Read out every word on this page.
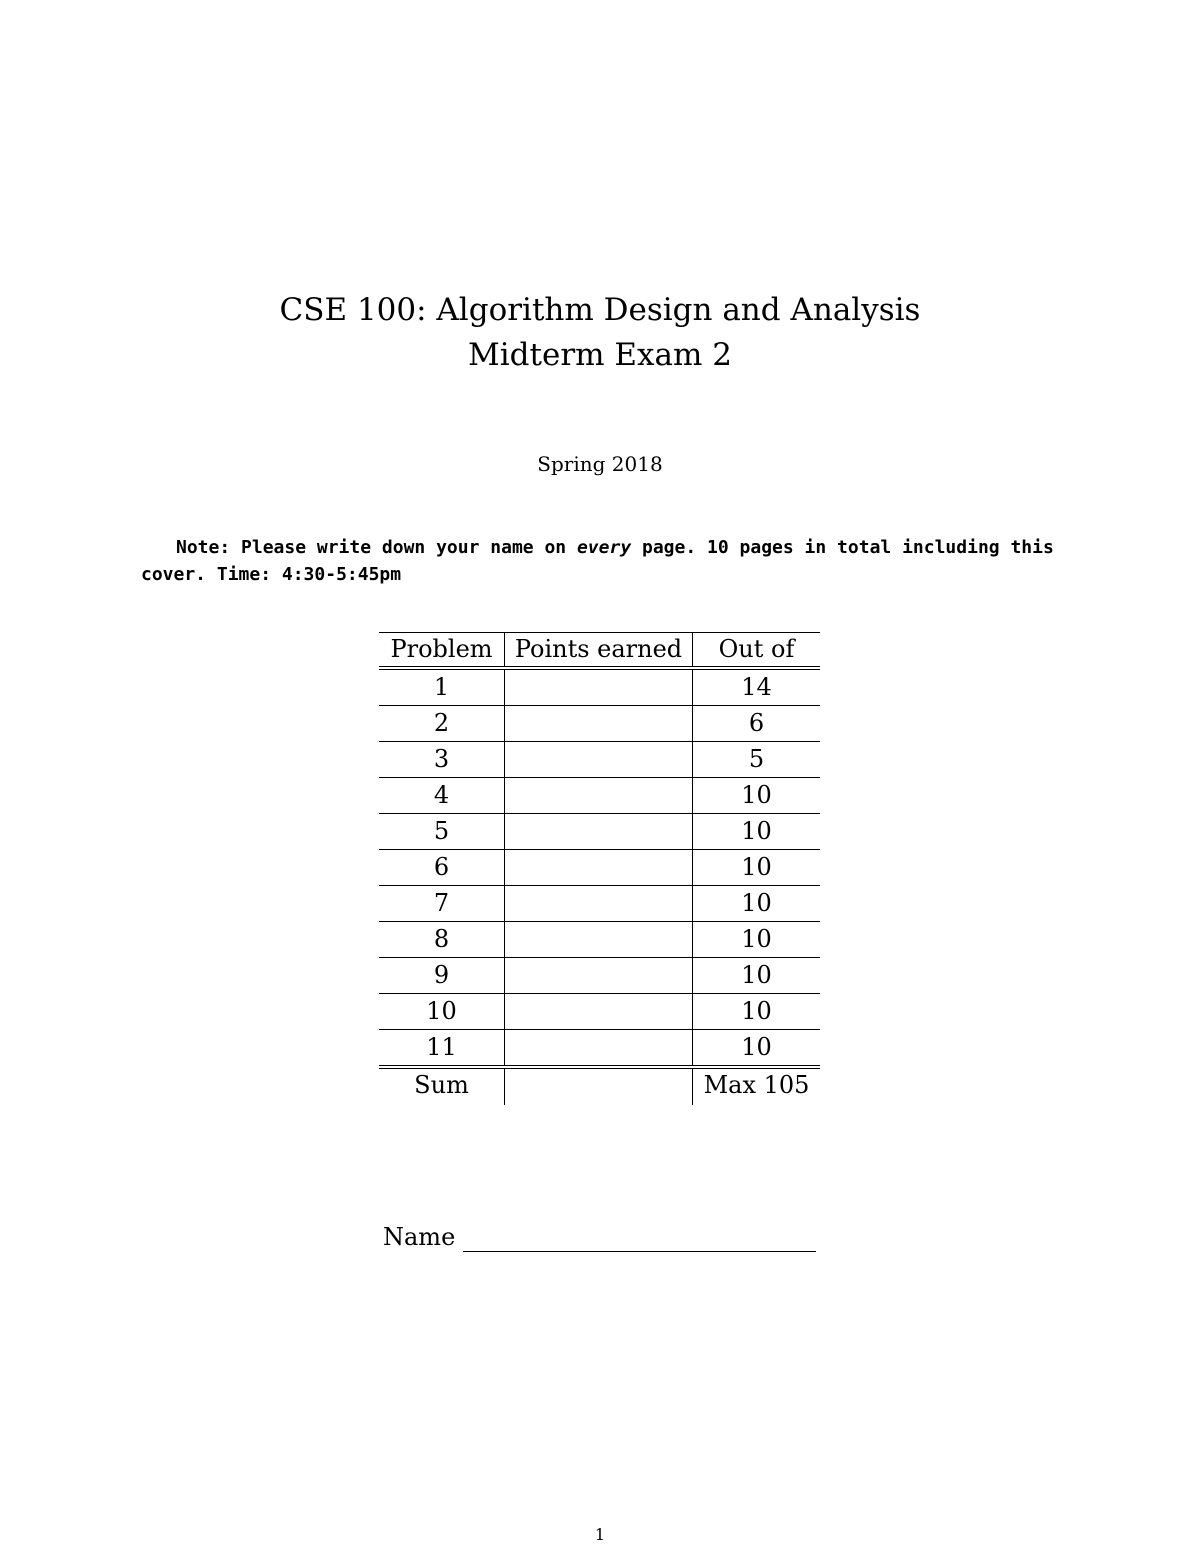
CSE 100: Algorithm Design and Analysis
Midterm Exam 2
Spring 2018
Note: Please write down your name on every page. 10 pages in total including this cover. Time: 4:30-5:45pm
Problem	Points earned	Out of
1		14
2		6
3		5
4		10
5		10
6		10
7		10
8		10
9		10
10		10
11		10
Sum		Max 105
Name
1
